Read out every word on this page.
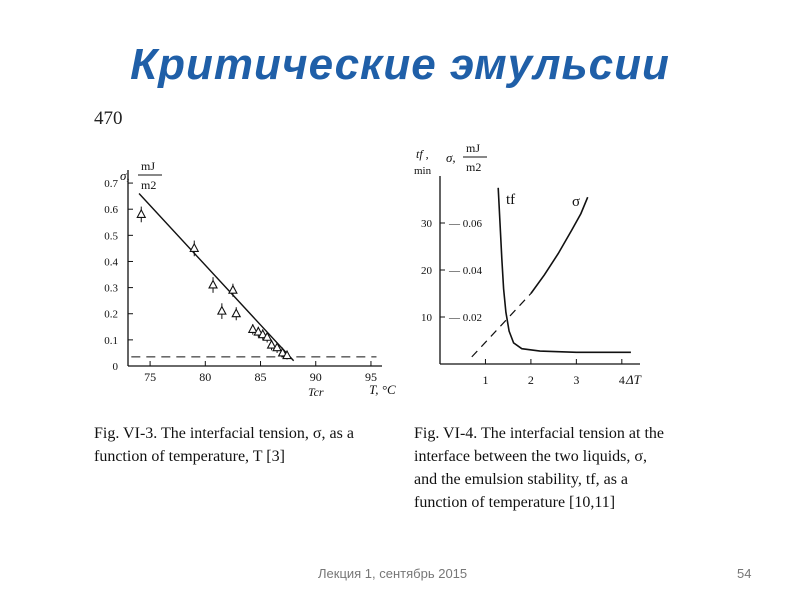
Критические эмульсии
470
0
0.1
0.2
0.3
0.4
0.5
0.6
0.7
75	80	85	90	95
σ,
mJ
m2
T, °C
Tcr
10 — 0.02
20 — 0.04
30 — 0.06
1	2	3	4 ΔT
tf ,
min
σ,
mJ
m2
tf	σ
Fig. VI-3. The interfacial tension, σ, as a
function of temperature, T [3]
Fig. VI-4. The interfacial tension at the
interface between the two liquids, σ,
and the emulsion stability, tf, as a
function of temperature [10,11]
Лекция 1, сентябрь 2015	54
